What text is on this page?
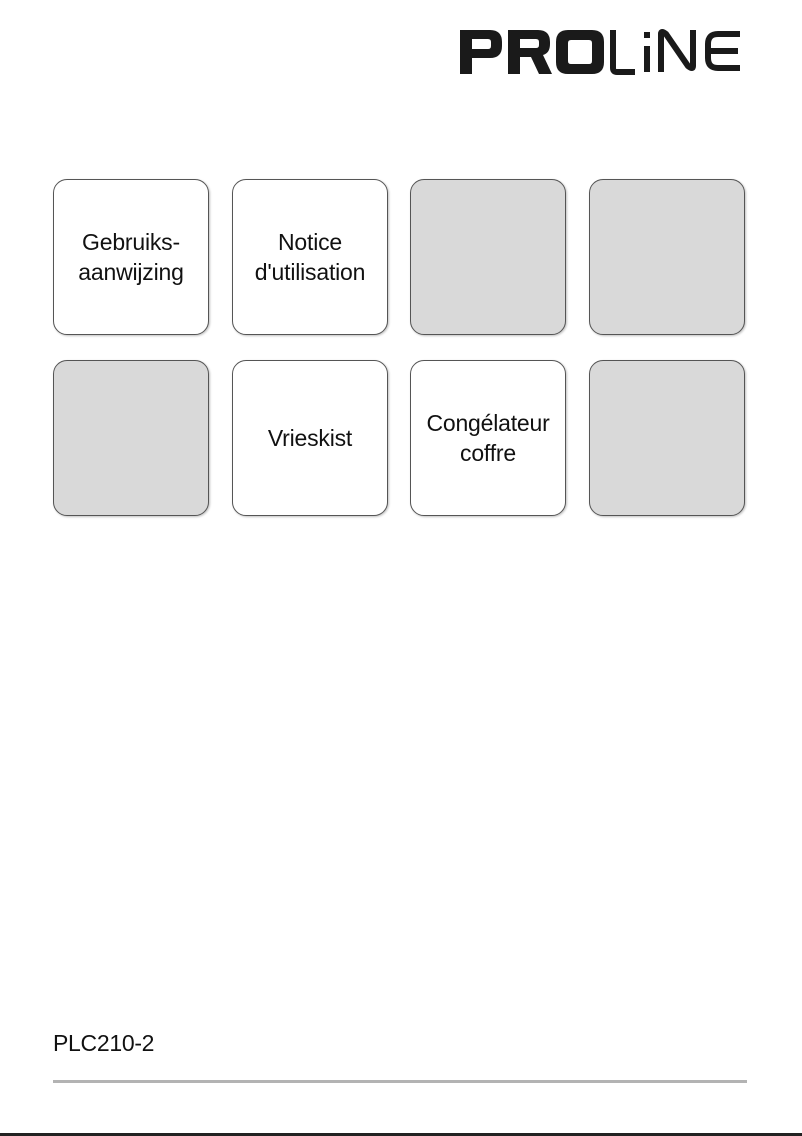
Gebruiks-
aanwijzing
Notice
d'utilisation
Vrieskist
Congélateur
coffre
PLC210-2
